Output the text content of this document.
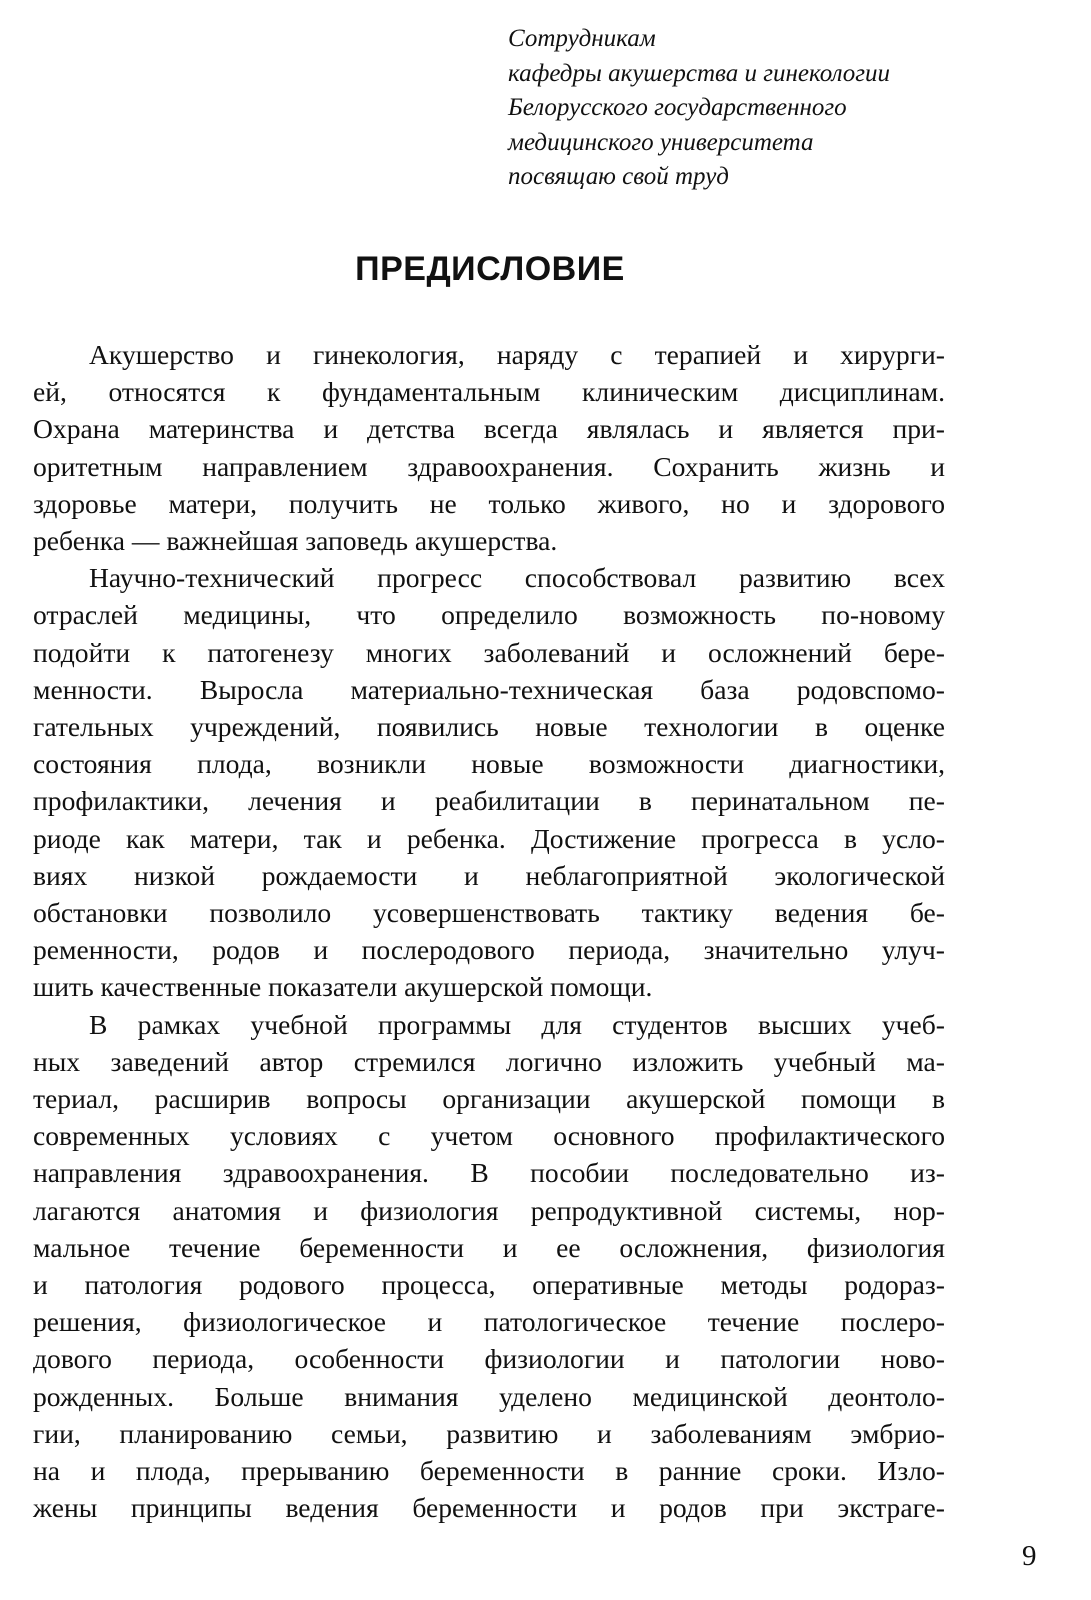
Сотрудникам
кафедры акушерства и гинекологии
Белорусского государственного
медицинского университета
посвящаю свой труд
ПРЕДИСЛОВИЕ
Акушерство и гинекология, наряду с терапией и хирурги-
ей, относятся к фундаментальным клиническим дисциплинам.
Охрана материнства и детства всегда являлась и является при-
оритетным направлением здравоохранения. Сохранить жизнь и
здоровье матери, получить не только живого, но и здорового
ребенка — важнейшая заповедь акушерства.
Научно-технический прогресс способствовал развитию всех
отраслей медицины, что определило возможность по-новому
подойти к патогенезу многих заболеваний и осложнений бере-
менности. Выросла материально-техническая база родовспомо-
гательных учреждений, появились новые технологии в оценке
состояния плода, возникли новые возможности диагностики,
профилактики, лечения и реабилитации в перинатальном пе-
риоде как матери, так и ребенка. Достижение прогресса в усло-
виях низкой рождаемости и неблагоприятной экологической
обстановки позволило усовершенствовать тактику ведения бе-
ременности, родов и послеродового периода, значительно улуч-
шить качественные показатели акушерской помощи.
В рамках учебной программы для студентов высших учеб-
ных заведений автор стремился логично изложить учебный ма-
териал, расширив вопросы организации акушерской помощи в
современных условиях с учетом основного профилактического
направления здравоохранения. В пособии последовательно из-
лагаются анатомия и физиология репродуктивной системы, нор-
мальное течение беременности и ее осложнения, физиология
и патология родового процесса, оперативные методы родораз-
решения, физиологическое и патологическое течение послеро-
дового периода, особенности физиологии и патологии ново-
рожденных. Больше внимания уделено медицинской деонтоло-
гии, планированию семьи, развитию и заболеваниям эмбрио-
на и плода, прерыванию беременности в ранние сроки. Изло-
жены принципы ведения беременности и родов при экстраге-
9
